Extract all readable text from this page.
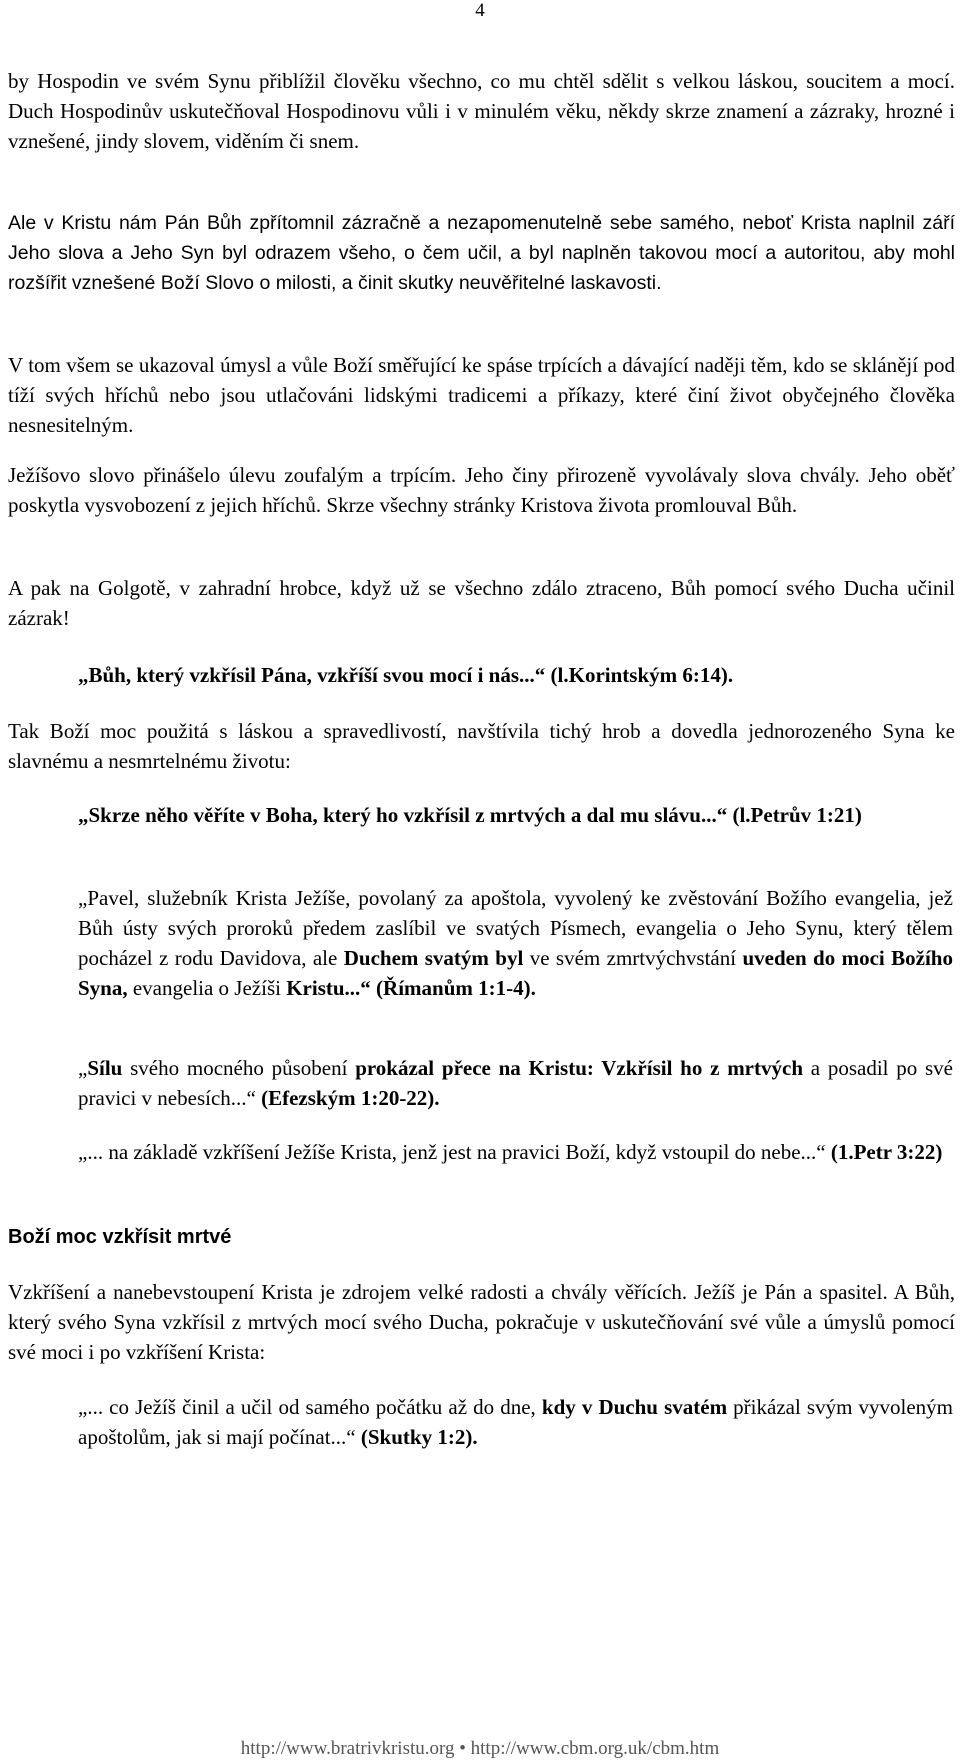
4

by Hospodin ve svém Synu přiblížil člověku všechno, co mu chtěl sdělit s velkou láskou, soucitem a mocí. Duch Hospodinův uskutečňoval Hospodinovu vůli i v minulém věku, někdy skrze znamení a zázraky, hrozné i vznešené, jindy slovem, viděním či snem.

Ale v Kristu nám Pán Bůh zpřítomnil zázračně a nezapomenutelně sebe samého, neboť Krista naplnil září Jeho slova a Jeho Syn byl odrazem všeho, o čem učil, a byl naplněn takovou mocí a autoritou, aby mohl rozšířit vznešené Boží Slovo o milosti, a činit skutky neuvěřitelné laskavosti.

V tom všem se ukazoval úmysl a vůle Boží směřující ke spáse trpících a dávající naději těm, kdo se sklánějí pod tíží svých hříchů nebo jsou utlačováni lidskými tradicemi a příkazy, které činí život obyčejného člověka nesnesitelným.

Ježíšovo slovo přinášelo úlevu zoufalým a trpícím. Jeho činy přirozeně vyvolávaly slova chvály. Jeho oběť poskytla vysvobození z jejich hříchů. Skrze všechny stránky Kristova života promlouval Bůh.

A pak na Golgotě, v zahradní hrobce, když už se všechno zdálo ztraceno, Bůh pomocí svého Ducha učinil zázrak!

„Bůh, který vzkřísil Pána, vzkříší svou mocí i nás...“ (l.Korintským 6:14).

Tak Boží moc použitá s láskou a spravedlivostí, navštívila tichý hrob a dovedla jednorozeného Syna ke slavnému a nesmrtelnému životu:

„Skrze něho věříte v Boha, který ho vzkřísil z mrtvých a dal mu slávu...“ (l.Petrův 1:21)

„Pavel, služebník Krista Ježíše, povolaný za apoštola, vyvolený ke zvěstování Božího evangelia, jež Bůh ústy svých proroků předem zaslíbil ve svatých Písmech, evangelia o Jeho Synu, který tělem pocházel z rodu Davidova, ale Duchem svatým byl ve svém zmrtvýchvstání uveden do moci Božího Syna, evangelia o Ježíši Kristu...“ (Římanům 1:1-4).

„Sílu svého mocného působení prokázal přece na Kristu: Vzkřísil ho z mrtvých a posadil po své pravici v nebesích...“ (Efezským 1:20-22).

„... na základě vzkříšení Ježíše Krista, jenž jest na pravici Boží, když vstoupil do nebe...“ (1.Petr 3:22)

Boží moc vzkřísit mrtvé

Vzkříšení a nanebevstoupení Krista je zdrojem velké radosti a chvály věřících. Ježíš je Pán a spasitel. A Bůh, který svého Syna vzkřísil z mrtvých mocí svého Ducha, pokračuje v uskutečňování své vůle a úmyslů pomocí své moci i po vzkříšení Krista:

„... co Ježíš činil a učil od samého počátku až do dne, kdy v Duchu svatém přikázal svým vyvoleným apoštolům, jak si mají počínat...“ (Skutky 1:2).

http://www.bratrivkristu.org • http://www.cbm.org.uk/cbm.htm
